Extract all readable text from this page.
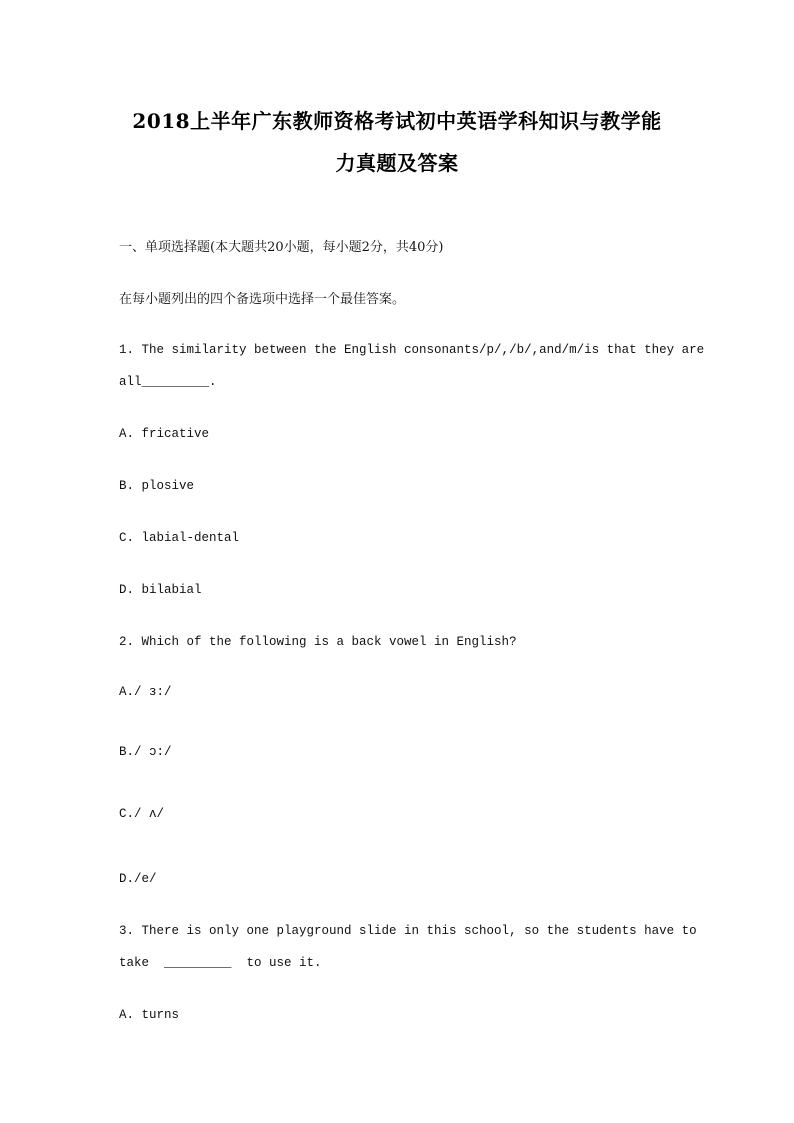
2018上半年广东教师资格考试初中英语学科知识与教学能
力真题及答案
一、单项选择题(本大题共20小题，每小题2分，共40分)
在每小题列出的四个备选项中选择一个最佳答案。
1. The similarity between the English consonants/p/,/b/,and/m/is that they are
all_________.
A. fricative
B. plosive
C. labial-dental
D. bilabial
2. Which of the following is a back vowel in English?
A./ ɜ:/
B./ ɔ:/
C./ ʌ/
D./e/
3. There is only one playground slide in this school, so the students have to
take  _________  to use it.
A. turns
